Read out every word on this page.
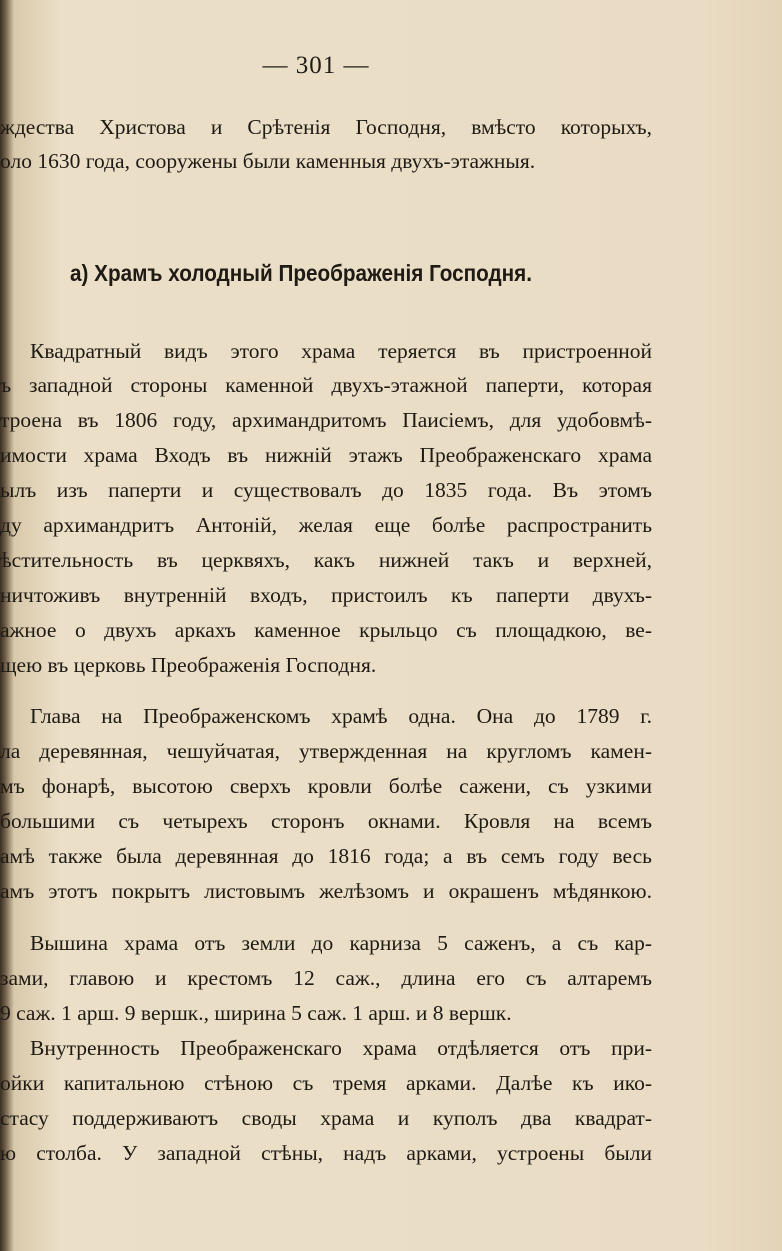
— 301 —
ждества Христова и Срѣтенія Господня, вмѣсто которыхъ,
оло 1630 года, сооружены были каменныя двухъ-этажныя.
а) Храмъ холодный Преображенія Господня.
Квадратный видъ этого храма теряется въ пристроенной
ъ западной стороны каменной двухъ-этажной паперти, которая
троена въ 1806 году, архимандритомъ Паисіемъ, для удобовмѣ-
имости храма Входъ въ нижній этажъ Преображенскаго храма
ылъ изъ паперти и существовалъ до 1835 года. Въ этомъ
ду архимандритъ Антоній, желая еще болѣе распространить
ѣстительность въ церквяхъ, какъ нижней такъ и верхней,
ничтоживъ внутренній входъ, пристоилъ къ паперти двухъ-
ажное о двухъ аркахъ каменное крыльцо съ площадкою, ве-
щею въ церковь Преображенія Господня.
Глава на Преображенскомъ храмѣ одна. Она до 1789 г.
ла деревянная, чешуйчатая, утвержденная на кругломъ камен-
мъ фонарѣ, высотою сверхъ кровли болѣе сажени, съ узкими
большими съ четырехъ сторонъ окнами. Кровля на всемъ
амѣ также была деревянная до 1816 года; а въ семъ году весь
амъ этотъ покрытъ листовымъ желѣзомъ и окрашенъ мѣдянкою.
Вышина храма отъ земли до карниза 5 саженъ, а съ кар-
зами, главою и крестомъ 12 саж., длина его съ алтаремъ
9 саж. 1 арш. 9 вершк., ширина 5 саж. 1 арш. и 8 вершк.
Внутренность Преображенскаго храма отдѣляется отъ при-
ойки капитальною стѣною съ тремя арками. Далѣе къ ико-
стасу поддерживаютъ своды храма и куполъ два квадрат-
ю столба. У западной стѣны, надъ арками, устроены были
